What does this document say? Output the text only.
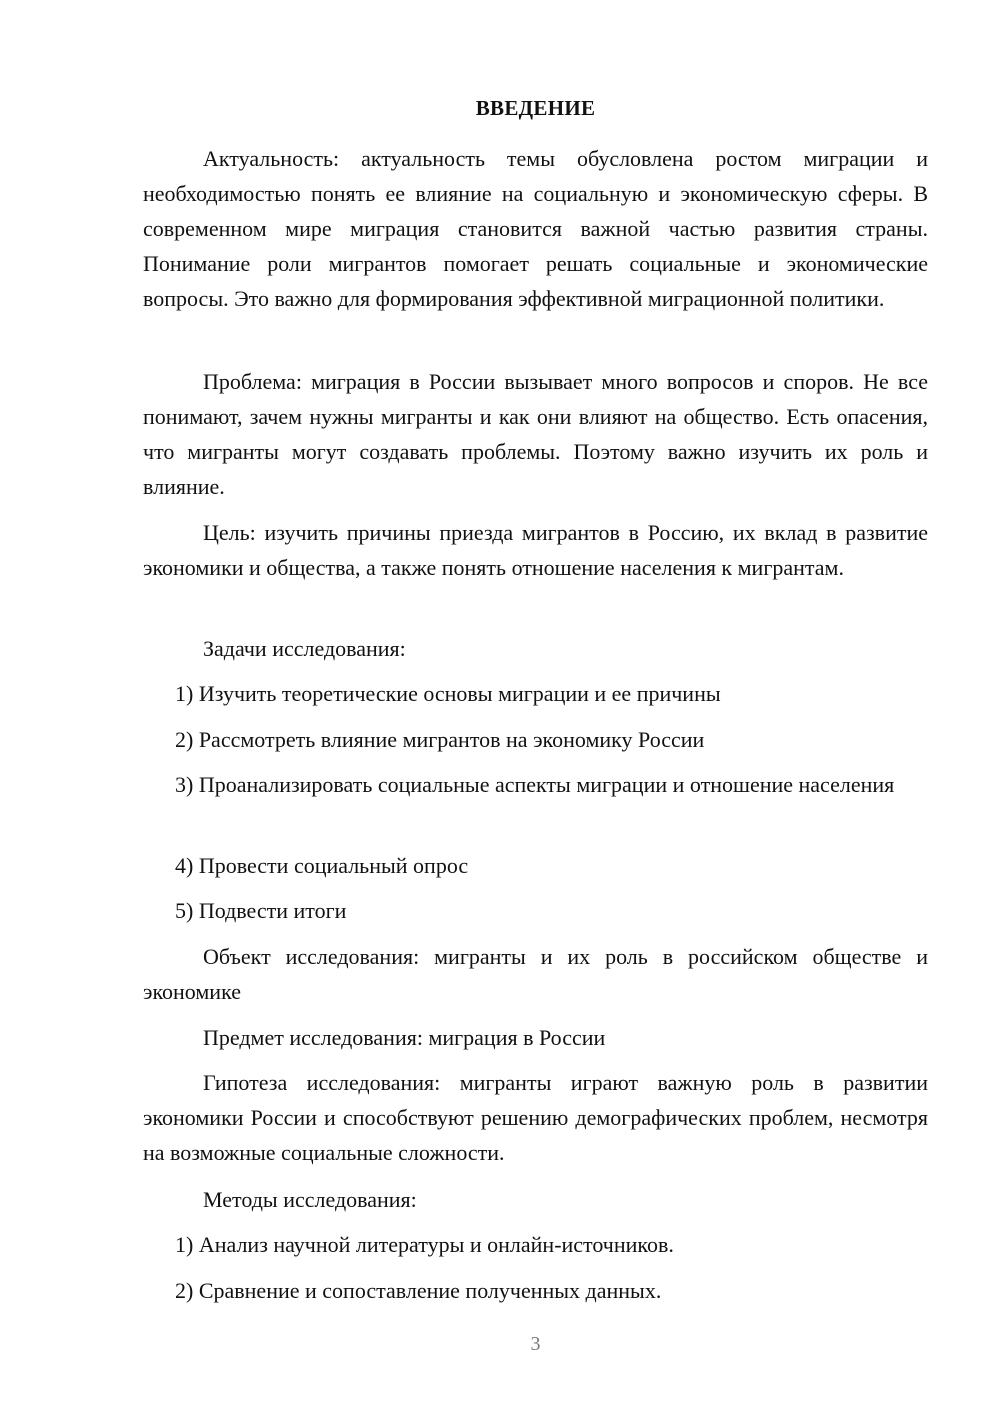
ВВЕДЕНИЕ
Актуальность: актуальность темы обусловлена ростом миграции и необходимостью понять ее влияние на социальную и экономическую сферы. В современном мире миграция становится важной частью развития страны. Понимание роли мигрантов помогает решать социальные и экономические вопросы. Это важно для формирования эффективной миграционной политики.
Проблема: миграция в России вызывает много вопросов и споров. Не все понимают, зачем нужны мигранты и как они влияют на общество. Есть опасения, что мигранты могут создавать проблемы. Поэтому важно изучить их роль и влияние.
Цель: изучить причины приезда мигрантов в Россию, их вклад в развитие экономики и общества, а также понять отношение населения к мигрантам.
Задачи исследования:
1) Изучить теоретические основы миграции и ее причины
2) Рассмотреть влияние мигрантов на экономику России
3) Проанализировать социальные аспекты миграции и отношение населения
4) Провести социальный опрос
5) Подвести итоги
Объект исследования: мигранты и их роль в российском обществе и экономике
Предмет исследования: миграция в России
Гипотеза исследования: мигранты играют важную роль в развитии экономики России и способствуют решению демографических проблем, несмотря на возможные социальные сложности.
Методы исследования:
1) Анализ научной литературы и онлайн-источников.
2) Сравнение и сопоставление полученных данных.
3
